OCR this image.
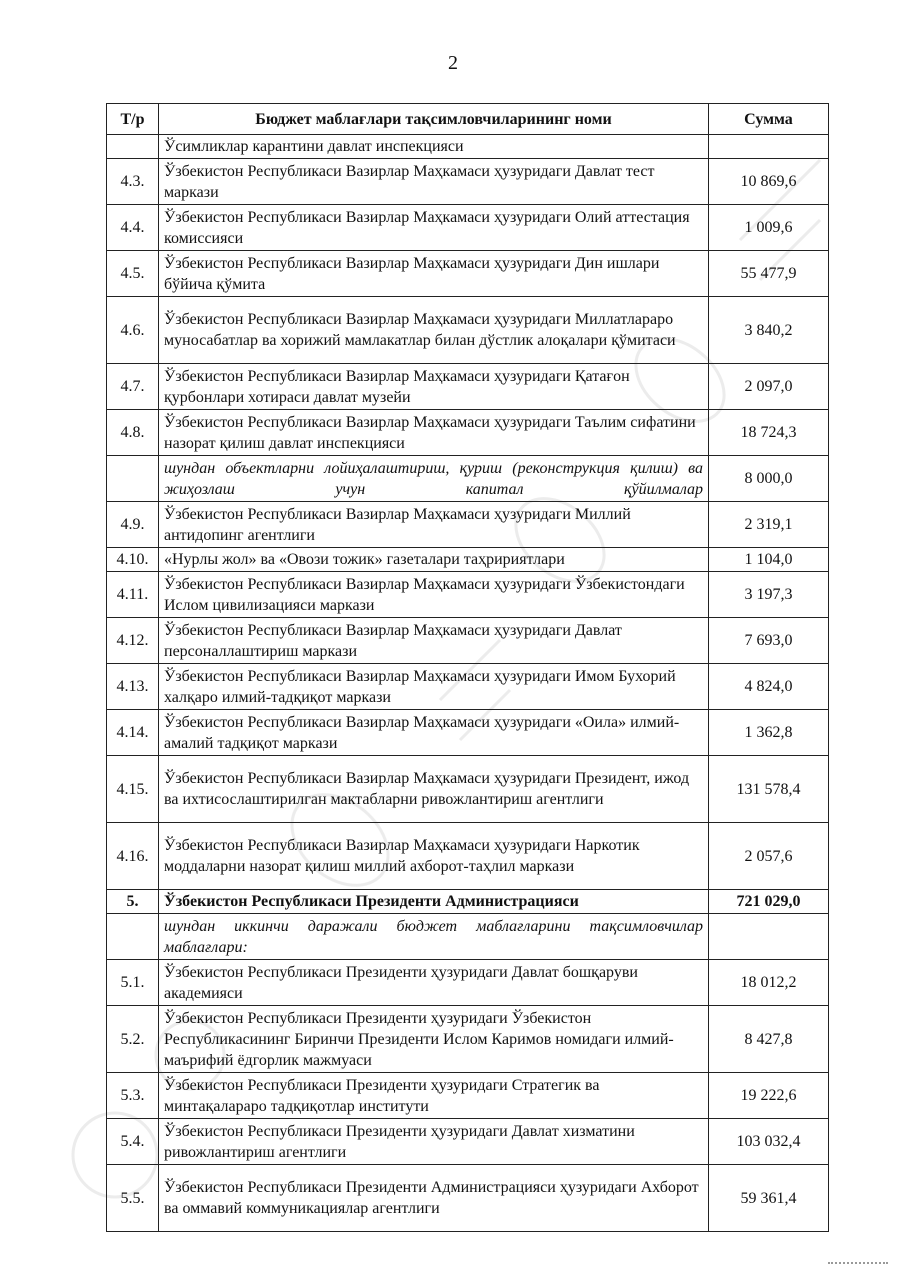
2
Т/р	Бюджет маблағлари тақсимловчиларининг номи	Сумма
	Ўсимликлар карантини давлат инспекцияси	
4.3.	Ўзбекистон Республикаси Вазирлар Маҳкамаси ҳузуридаги Давлат тест маркази	10 869,6
4.4.	Ўзбекистон Республикаси Вазирлар Маҳкамаси ҳузуридаги Олий аттестация комиссияси	1 009,6
4.5.	Ўзбекистон Республикаси Вазирлар Маҳкамаси ҳузуридаги Дин ишлари бўйича қўмита	55 477,9
4.6.	Ўзбекистон Республикаси Вазирлар Маҳкамаси ҳузуридаги Миллатлараро муносабатлар ва хорижий мамлакатлар билан дўстлик алоқалари қўмитаси	3 840,2
4.7.	Ўзбекистон Республикаси Вазирлар Маҳкамаси ҳузуридаги Қатағон қурбонлари хотираси давлат музейи	2 097,0
4.8.	Ўзбекистон Республикаси Вазирлар Маҳкамаси ҳузуридаги Таълим сифатини назорат қилиш давлат инспекцияси	18 724,3
	шундан объектларни лойиҳалаштириш, қуриш (реконструкция қилиш) ва жиҳозлаш учун капитал қўйилмалар	8 000,0
4.9.	Ўзбекистон Республикаси Вазирлар Маҳкамаси ҳузуридаги Миллий антидопинг агентлиги	2 319,1
4.10.	«Нурлы жол» ва «Овози тожик» газеталари таҳририятлари	1 104,0
4.11.	Ўзбекистон Республикаси Вазирлар Маҳкамаси ҳузуридаги Ўзбекистондаги Ислом цивилизацияси маркази	3 197,3
4.12.	Ўзбекистон Республикаси Вазирлар Маҳкамаси ҳузуридаги Давлат персоналлаштириш маркази	7 693,0
4.13.	Ўзбекистон Республикаси Вазирлар Маҳкамаси ҳузуридаги Имом Бухорий халқаро илмий-тадқиқот маркази	4 824,0
4.14.	Ўзбекистон Республикаси Вазирлар Маҳкамаси ҳузуридаги «Оила» илмий-амалий тадқиқот маркази	1 362,8
4.15.	Ўзбекистон Республикаси Вазирлар Маҳкамаси ҳузуридаги Президент, ижод ва ихтисослаштирилган мактабларни ривожлантириш агентлиги	131 578,4
4.16.	Ўзбекистон Республикаси Вазирлар Маҳкамаси ҳузуридаги Наркотик моддаларни назорат қилиш миллий ахборот-таҳлил маркази	2 057,6
5.	Ўзбекистон Республикаси Президенти Администрацияси	721 029,0
	шундан иккинчи даражали бюджет маблағларини тақсимловчилар маблағлари:	
5.1.	Ўзбекистон Республикаси Президенти ҳузуридаги Давлат бошқаруви академияси	18 012,2
5.2.	Ўзбекистон Республикаси Президенти ҳузуридаги Ўзбекистон Республикасининг Биринчи Президенти Ислом Каримов номидаги илмий-маърифий ёдгорлик мажмуаси	8 427,8
5.3.	Ўзбекистон Республикаси Президенти ҳузуридаги Стратегик ва минтақалараро тадқиқотлар институти	19 222,6
5.4.	Ўзбекистон Республикаси Президенти ҳузуридаги Давлат хизматини ривожлантириш агентлиги	103 032,4
5.5.	Ўзбекистон Республикаси Президенти Администрацияси ҳузуридаги Ахборот ва оммавий коммуникациялар агентлиги	59 361,4
